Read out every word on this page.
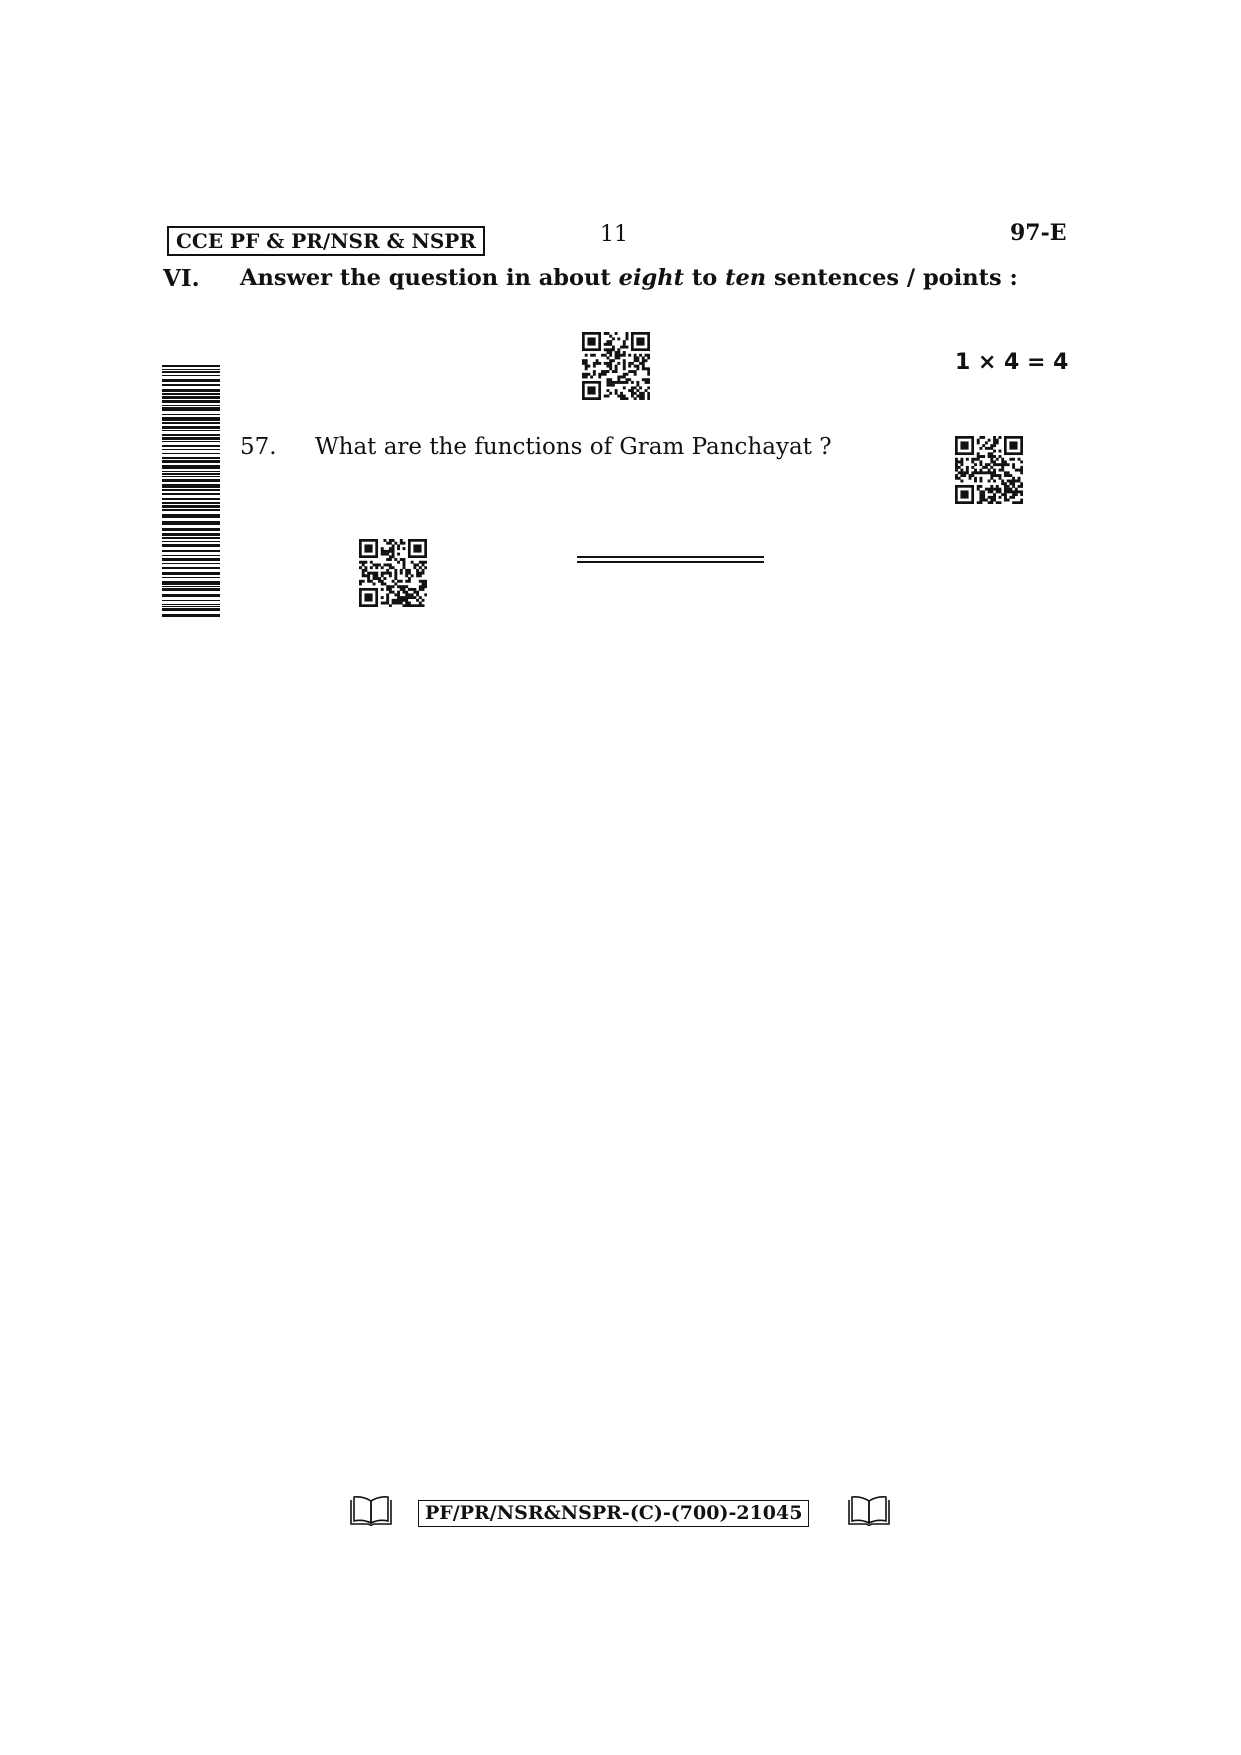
CCE PF & PR/NSR & NSPR	11	97-E
VI. Answer the question in about eight to ten sentences / points :
1 × 4 = 4
57. What are the functions of Gram Panchayat ?
PF/PR/NSR&NSPR-(C)-(700)-21045
